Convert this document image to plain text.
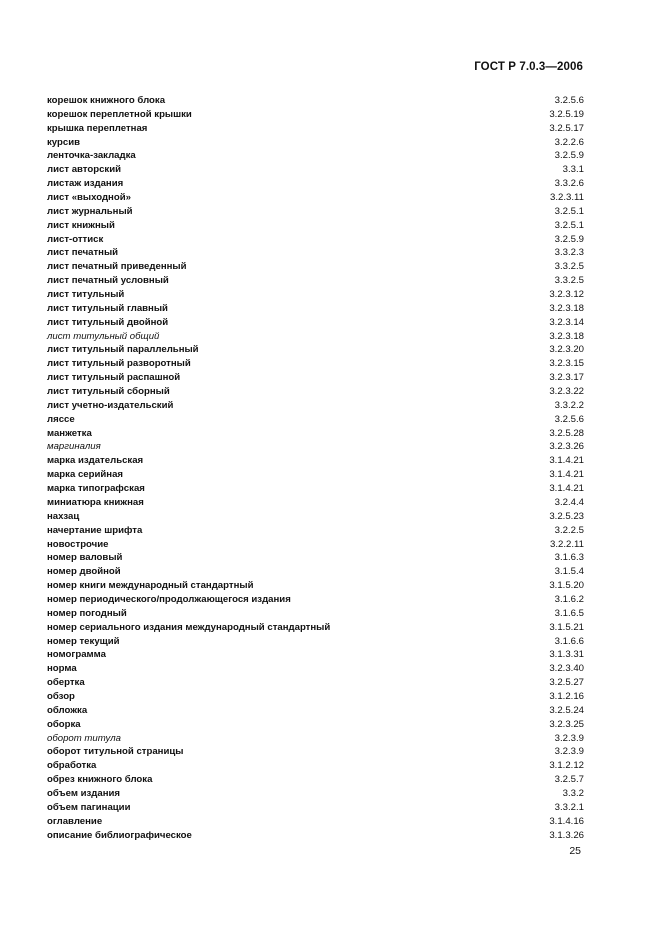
ГОСТ Р 7.0.3—2006
корешок книжного блока	3.2.5.6
корешок переплетной крышки	3.2.5.19
крышка переплетная	3.2.5.17
курсив	3.2.2.6
ленточка-закладка	3.2.5.9
лист авторский	3.3.1
листаж издания	3.3.2.6
лист «выходной»	3.2.3.11
лист журнальный	3.2.5.1
лист книжный	3.2.5.1
лист-оттиск	3.2.5.9
лист печатный	3.3.2.3
лист печатный приведенный	3.3.2.5
лист печатный условный	3.3.2.5
лист титульный	3.2.3.12
лист титульный главный	3.2.3.18
лист титульный двойной	3.2.3.14
лист титульный общий	3.2.3.18
лист титульный параллельный	3.2.3.20
лист титульный разворотный	3.2.3.15
лист титульный распашной	3.2.3.17
лист титульный сборный	3.2.3.22
лист учетно-издательский	3.3.2.2
ляссе	3.2.5.6
манжетка	3.2.5.28
маргиналия	3.2.3.26
марка издательская	3.1.4.21
марка серийная	3.1.4.21
марка типографская	3.1.4.21
миниатюра книжная	3.2.4.4
нахзац	3.2.5.23
начертание шрифта	3.2.2.5
новострочие	3.2.2.11
номер валовый	3.1.6.3
номер двойной	3.1.5.4
номер книги международный стандартный	3.1.5.20
номер периодического/продолжающегося издания	3.1.6.2
номер погодный	3.1.6.5
номер сериального издания международный стандартный	3.1.5.21
номер текущий	3.1.6.6
номограмма	3.1.3.31
норма	3.2.3.40
обертка	3.2.5.27
обзор	3.1.2.16
обложка	3.2.5.24
оборка	3.2.3.25
оборот титула	3.2.3.9
оборот титульной страницы	3.2.3.9
обработка	3.1.2.12
обрез книжного блока	3.2.5.7
объем издания	3.3.2
объем пагинации	3.3.2.1
оглавление	3.1.4.16
описание библиографическое	3.1.3.26
25
